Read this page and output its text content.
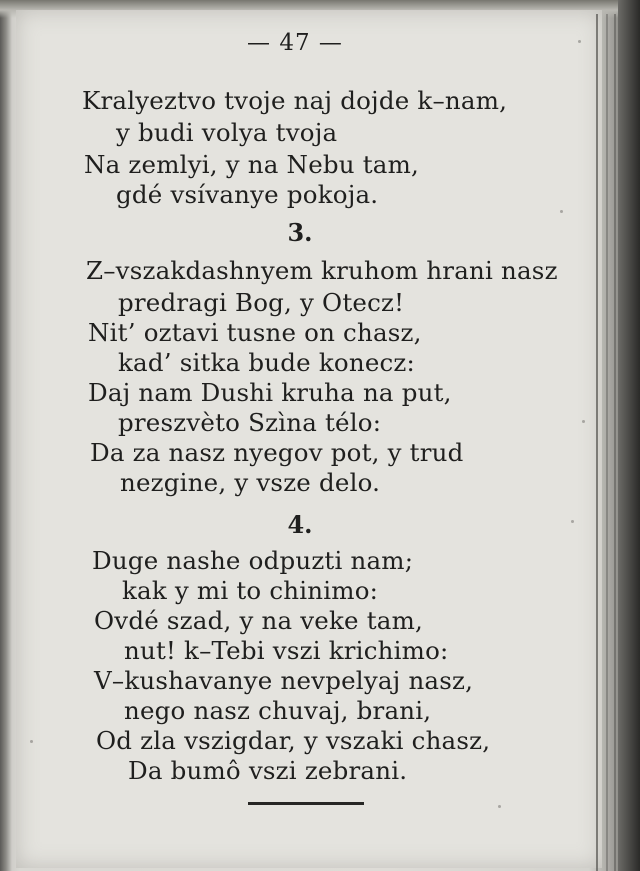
— 47 —
Kralyeztvo tvoje naj dojde k–nam,
y budi volya tvoja
Na zemlyi, y na Nebu tam,
gdé vsívanye pokoja.
3.
Z–vszakdashnyem kruhom hrani nasz
predragi Bog, y Otecz!
Nit’ oztavi tusne on chasz,
kad’ sitka bude konecz:
Daj nam Dushi kruha na put,
preszvèto Szìna télo:
Da za nasz nyegov pot, y trud
nezgine, y vsze delo.
4.
Duge nashe odpuzti nam;
kak y mi to chinimo:
Ovdé szad, y na veke tam,
nut! k–Tebi vszi krichimo:
V–kushavanye nevpelyaj nasz,
nego nasz chuvaj, brani,
Od zla vszigdar, y vszaki chasz,
Da bumô vszi zebrani.
